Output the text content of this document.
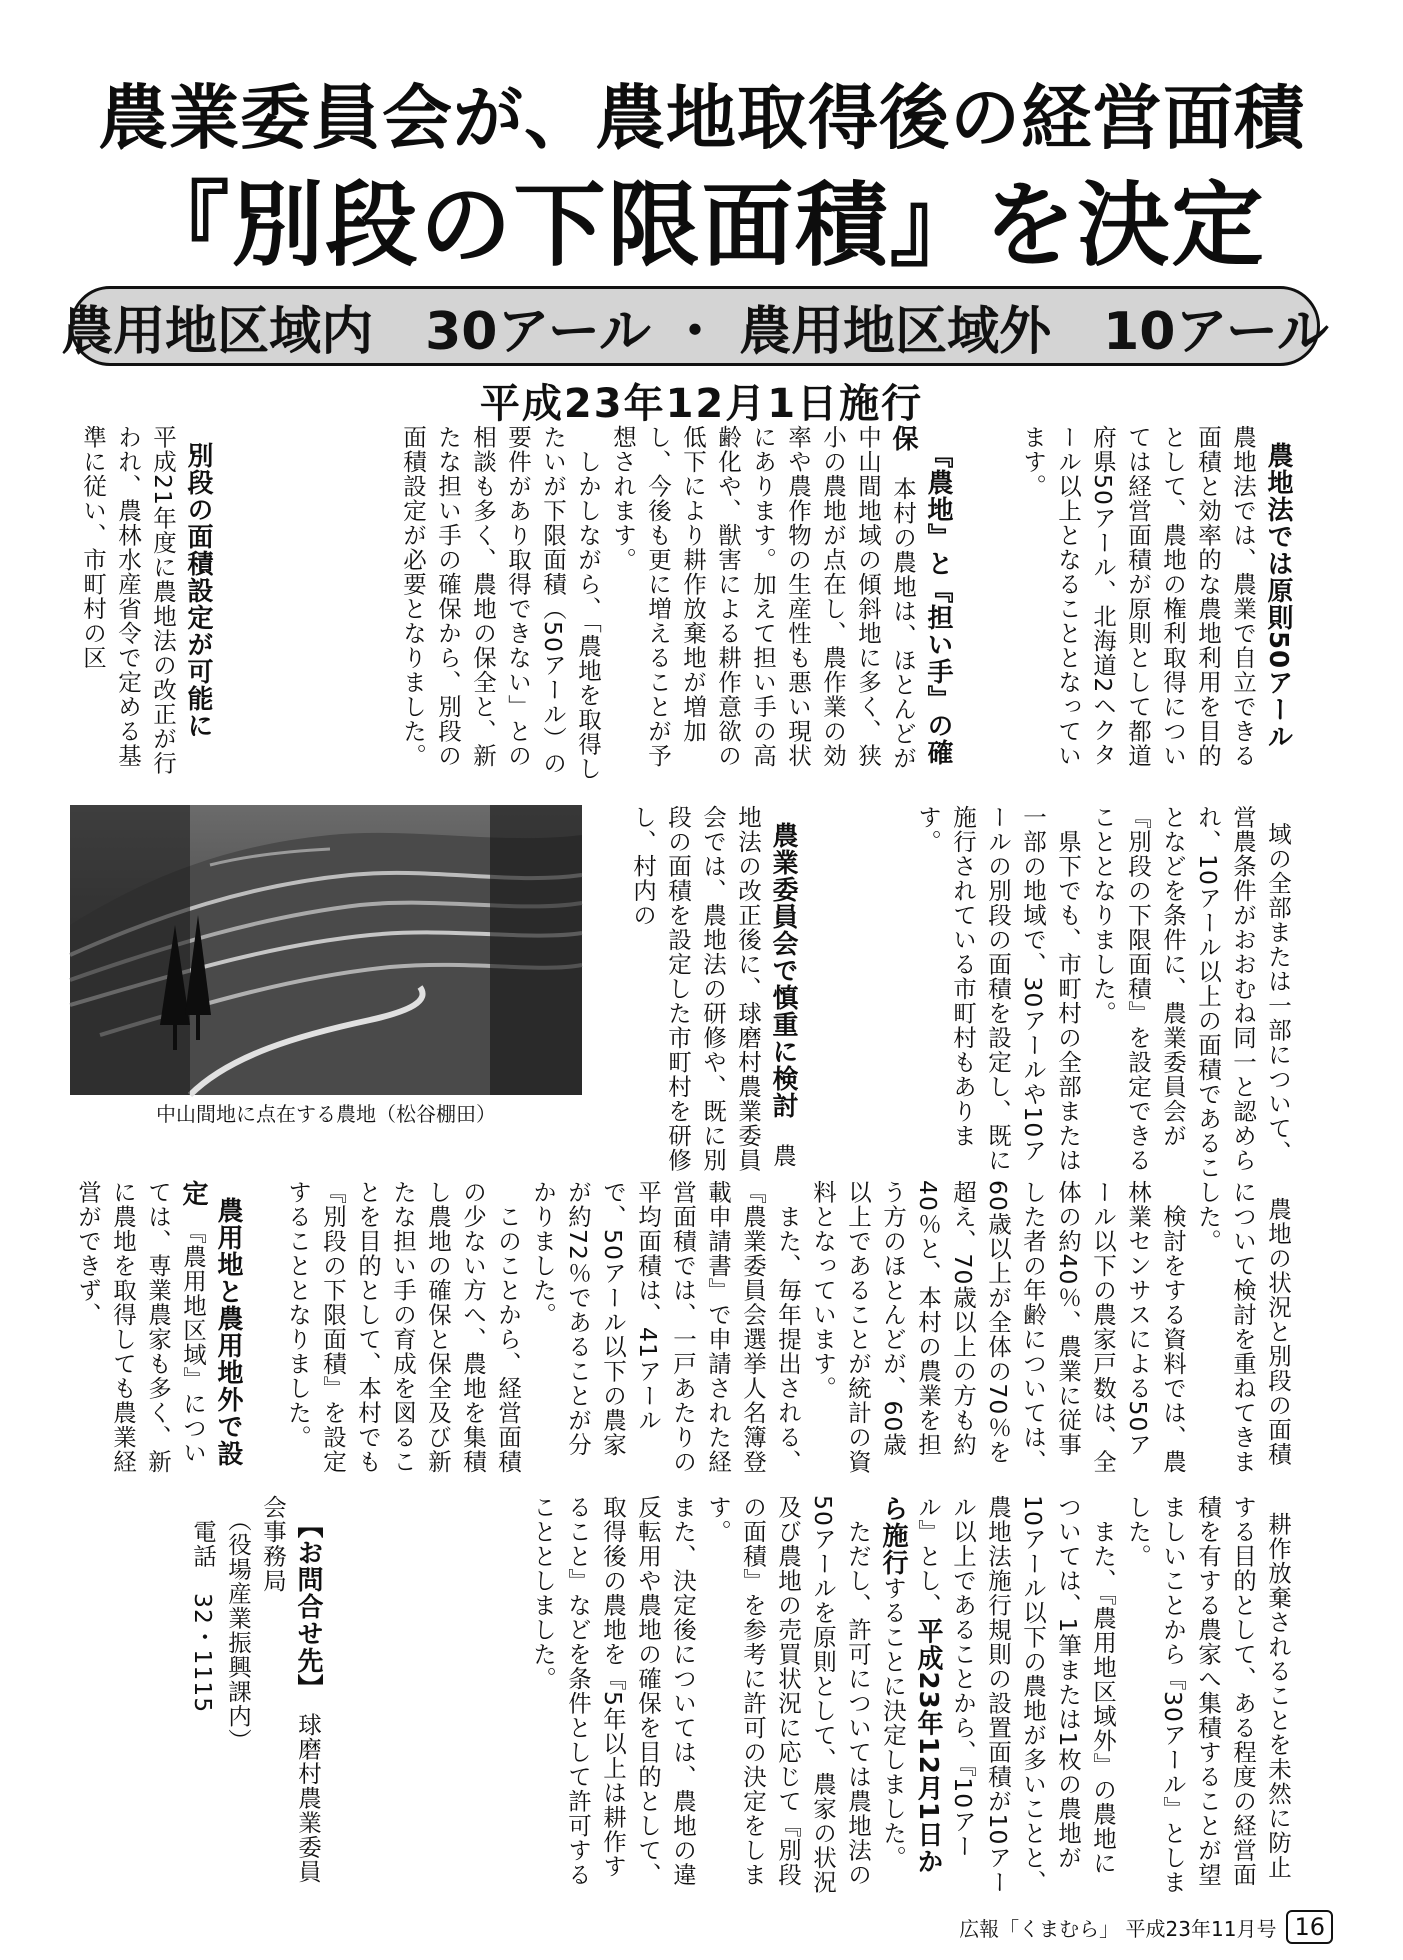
農業委員会が、農地取得後の経営面積
『別段の下限面積』を決定
農用地区域内　30アール ・ 農用地区域外　10アール
平成23年12月1日施行

農地法では原則50アール　農地法では、農業で自立できる面積と効率的な農地利用を目的として、農地の権利取得については経営面積が原則として都道府県50アール、北海道2ヘクタール以上となることとなっています。

『農地』と『担い手』の確保　本村の農地は、ほとんどが中山間地域の傾斜地に多く、狭小の農地が点在し、農作業の効率や農作物の生産性も悪い現状にあります。加えて担い手の高齢化や、獣害による耕作意欲の低下により耕作放棄地が増加し、今後も更に増えることが予想されます。
　しかしながら、「農地を取得したいが下限面積（50アール）の要件があり取得できない」との相談も多く、農地の保全と、新たな担い手の確保から、別段の面積設定が必要となりました。

別段の面積設定が可能に　平成21年度に農地法の改正が行われ、農林水産省令で定める基準に従い、市町村の区

域の全部または一部について、営農条件がおおむね同一と認められ、10アール以上の面積であることなどを条件に、農業委員会が『別段の下限面積』を設定できることとなりました。
　県下でも、市町村の全部または一部の地域で、30アールや10アールの別段の面積を設定し、既に施行されている市町村もあります。

農業委員会で慎重に検討　農地法の改正後に、球磨村農業委員会では、農地法の研修や、既に別段の面積を設定した市町村を研修し、村内の

中山間地に点在する農地（松谷棚田）

農地の状況と別段の面積について検討を重ねてきました。
　検討をする資料では、農林業センサスによる50アール以下の農家戸数は、全体の約40％、農業に従事した者の年齢については、60歳以上が全体の70％を超え、70歳以上の方も約40％と、本村の農業を担う方のほとんどが、60歳以上であることが統計の資料となっています。
　また、毎年提出される、『農業委員会選挙人名簿登載申請書』で申請された経営面積では、一戸あたりの平均面積は、41アールで、50アール以下の農家が約72％であることが分かりました。
　このことから、経営面積の少ない方へ、農地を集積し農地の確保と保全及び新たな担い手の育成を図ることを目的として、本村でも『別段の下限面積』を設定することとなりました。

農用地と農用地外で設定　『農用地区域』については、専業農家も多く、新に農地を取得しても農業経営ができず、

耕作放棄されることを未然に防止する目的として、ある程度の経営面積を有する農家へ集積することが望ましいことから『30アール』としました。
　また、『農用地区域外』の農地については、1筆または1枚の農地が10アール以下の農地が多いことと、農地法施行規則の設置面積が10アール以上であることから、『10アール』とし、平成23年12月1日から施行することに決定しました。
　ただし、許可については農地法の50アールを原則として、農家の状況及び農地の売買状況に応じて『別段の面積』を参考に許可の決定をします。
また、決定後については、農地の違反転用や農地の確保を目的として、取得後の農地を『5年以上は耕作すること』などを条件として許可することとしました。

【お問合せ先】　球磨村農業委員会事務局
　（役場産業振興課内）
　電話　32・1115

広報「くまむら」 平成23年11月号 16
